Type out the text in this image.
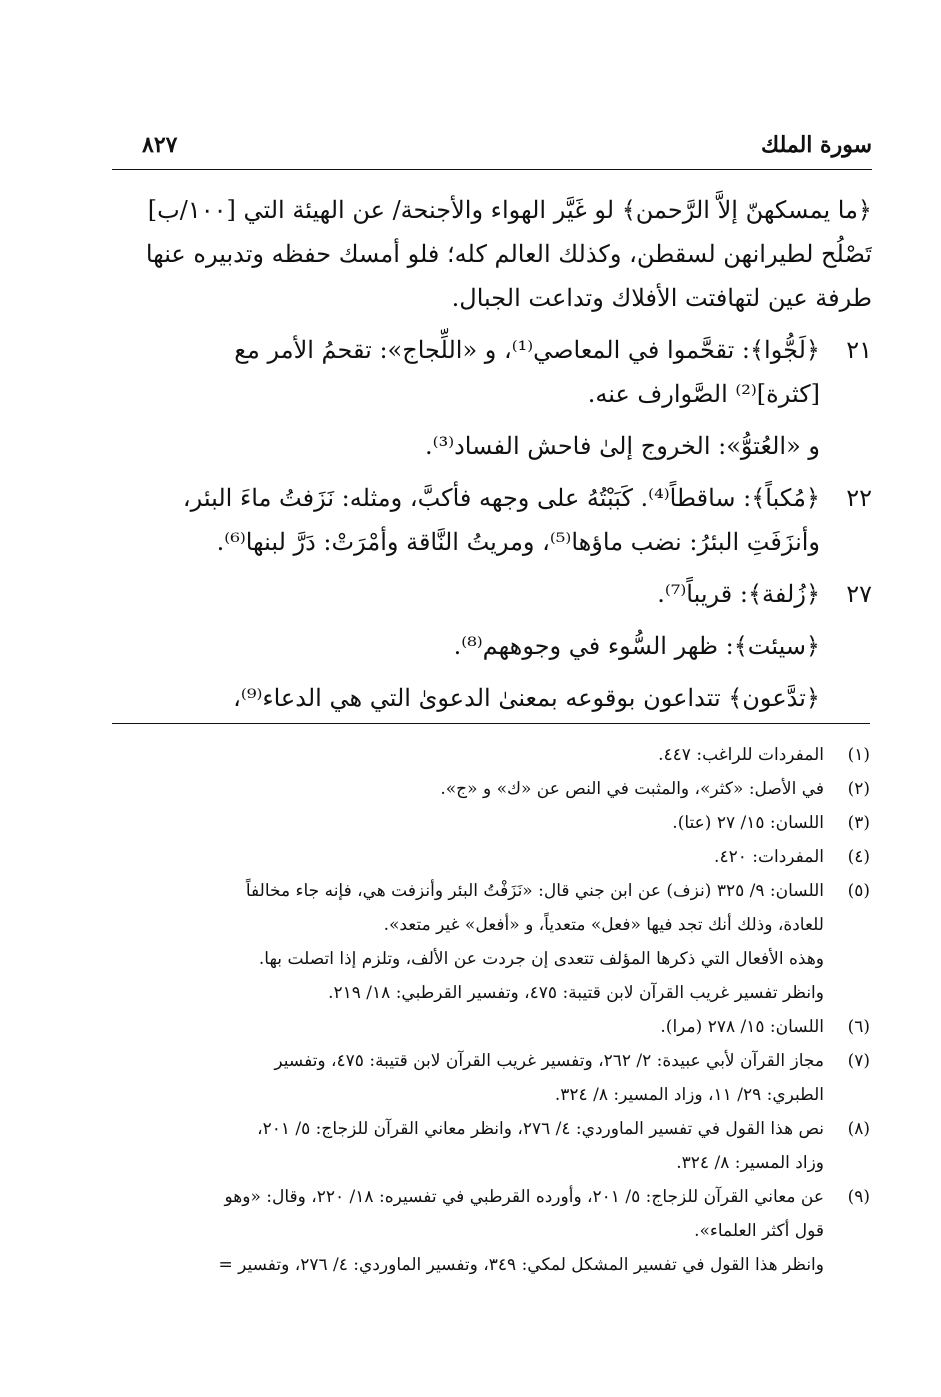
سورة الملك
٨٢٧
﴿ما يمسكهنّ إلاَّ الرَّحمن﴾ لو غَيَّر الهواء والأجنحة/ عن الهيئة التي [١٠٠/ب]
تَصْلُح لطيرانهن لسقطن، وكذلك العالم كله؛ فلو أمسك حفظه وتدبيره عنها
طرفة عين لتهافتت الأفلاك وتداعت الجبال.
٢١
﴿لَجُّوا﴾: تقحَّموا في المعاصي⁽¹⁾، و «اللِّجاج»: تقحمُ الأمر مع
[كثرة]⁽²⁾ الصَّوارف عنه.
و «العُتوُّ»: الخروج إلىٰ فاحش الفساد⁽³⁾.
٢٢
﴿مُكباً﴾: ساقطاً⁽⁴⁾. كَبَبْتُهُ على وجهه فأكبَّ، ومثله: نَزَفتُ ماءَ البئر،
وأنزَفَتِ البئرُ: نضب ماؤها⁽⁵⁾، ومريتُ النَّاقة وأمْرَتْ: دَرَّ لبنها⁽⁶⁾.
٢٧
﴿زُلفة﴾: قريباً⁽⁷⁾.
﴿سيئت﴾: ظهر السُّوء في وجوههم⁽⁸⁾.
﴿تدَّعون﴾ تتداعون بوقوعه بمعنىٰ الدعوىٰ التي هي الدعاء⁽⁹⁾،
(١)
المفردات للراغب: ٤٤٧.
(٢)
في الأصل: «كثر»، والمثبت في النص عن «ك» و «ج».
(٣)
اللسان: ١٥/ ٢٧ (عتا).
(٤)
المفردات: ٤٢٠.
(٥)
اللسان: ٩/ ٣٢٥ (نزف) عن ابن جني قال: «نَزَفْتُ البئر وأنزفت هي، فإنه جاء مخالفاً
للعادة، وذلك أنك تجد فيها «فعل» متعدياً، و «أفعل» غير متعد».
وهذه الأفعال التي ذكرها المؤلف تتعدى إن جردت عن الألف، وتلزم إذا اتصلت بها.
وانظر تفسير غريب القرآن لابن قتيبة: ٤٧٥، وتفسير القرطبي: ١٨/ ٢١٩.
(٦)
اللسان: ١٥/ ٢٧٨ (مرا).
(٧)
مجاز القرآن لأبي عبيدة: ٢/ ٢٦٢، وتفسير غريب القرآن لابن قتيبة: ٤٧٥، وتفسير
الطبري: ٢٩/ ١١، وزاد المسير: ٨/ ٣٢٤.
(٨)
نص هذا القول في تفسير الماوردي: ٤/ ٢٧٦، وانظر معاني القرآن للزجاج: ٥/ ٢٠١،
وزاد المسير: ٨/ ٣٢٤.
(٩)
عن معاني القرآن للزجاج: ٥/ ٢٠١، وأورده القرطبي في تفسيره: ١٨/ ٢٢٠، وقال: «وهو
قول أكثر العلماء».
وانظر هذا القول في تفسير المشكل لمكي: ٣٤٩، وتفسير الماوردي: ٤/ ٢٧٦، وتفسير =
